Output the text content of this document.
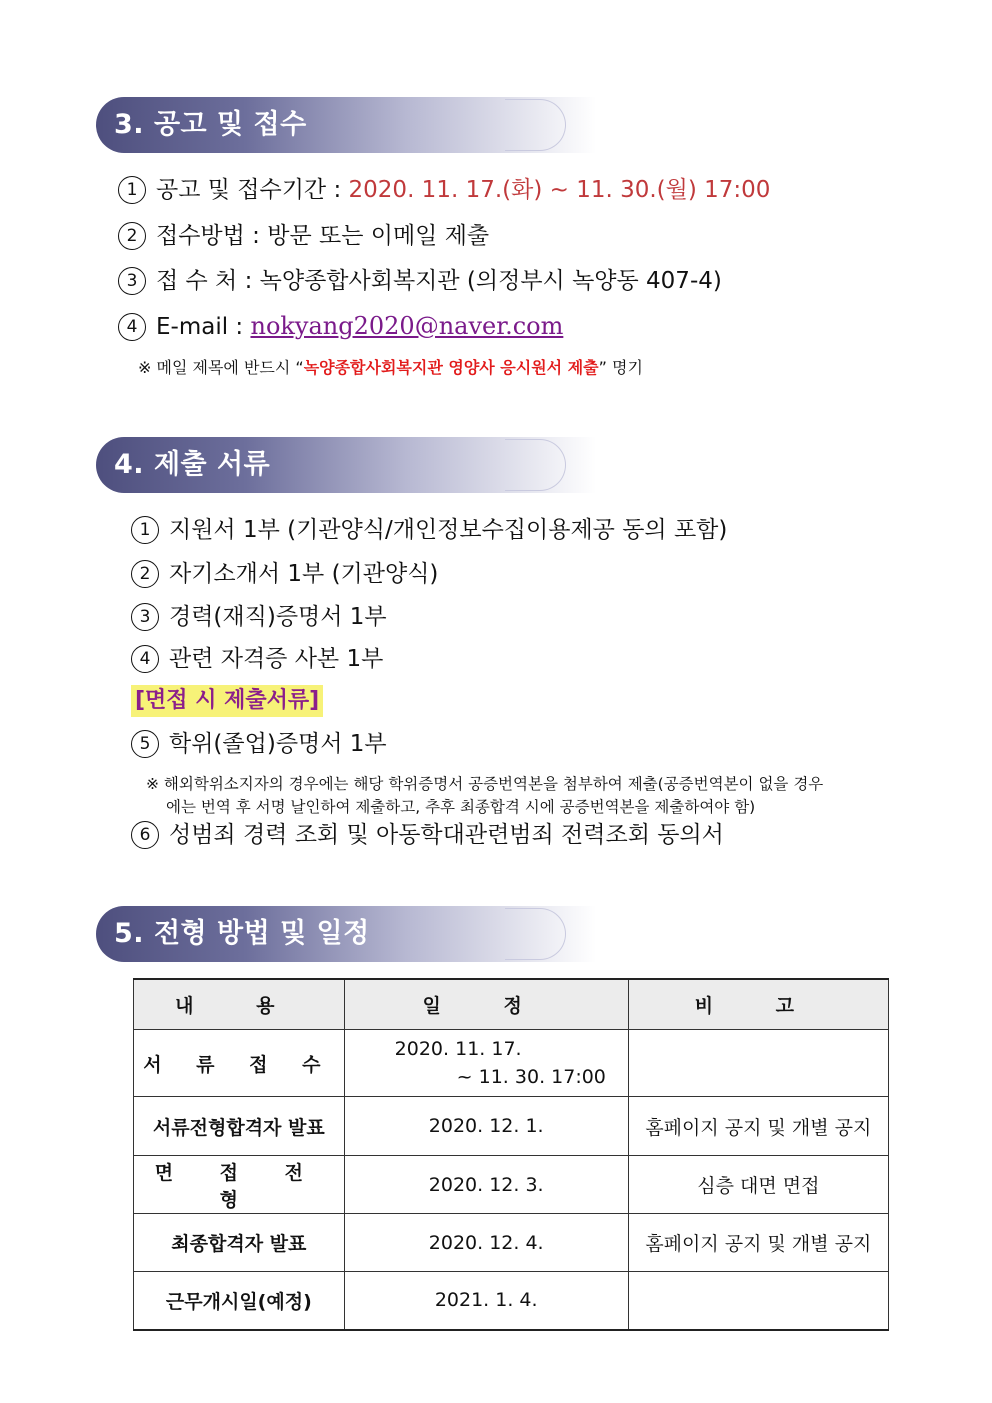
3. 공고 및 접수
1 공고 및 접수기간 : 2020. 11. 17.(화) ~ 11. 30.(월) 17:00
2 접수방법 : 방문 또는 이메일 제출
3 접 수 처 : 녹양종합사회복지관 (의정부시 녹양동 407-4)
4 E-mail : nokyang2020@naver.com
※ 메일 제목에 반드시 “녹양종합사회복지관 영양사 응시원서 제출” 명기
4. 제출 서류
1 지원서 1부 (기관양식/개인정보수집이용제공 동의 포함)
2 자기소개서 1부 (기관양식)
3 경력(재직)증명서 1부
4 관련 자격증 사본 1부
[면접 시 제출서류]
5 학위(졸업)증명서 1부
※ 해외학위소지자의 경우에는 해당 학위증명서 공증번역본을 첨부하여 제출(공증번역본이 없을 경우
에는 번역 후 서명 날인하여 제출하고, 추후 최종합격 시에 공증번역본을 제출하여야 함)
6 성범죄 경력 조회 및 아동학대관련범죄 전력조회 동의서
5. 전형 방법 및 일정
내 용	일 정	비 고
서 류 접 수	2020. 11. 17.
~ 11. 30. 17:00	

서류전형합격자 발표	2020. 12. 1.	홈페이지 공지 및 개별 공지
면 접 전 형	2020. 12. 3.	심층 대면 면접
최종합격자 발표	2020. 12. 4.	홈페이지 공지 및 개별 공지
근무개시일(예정)	2021. 1. 4.	
